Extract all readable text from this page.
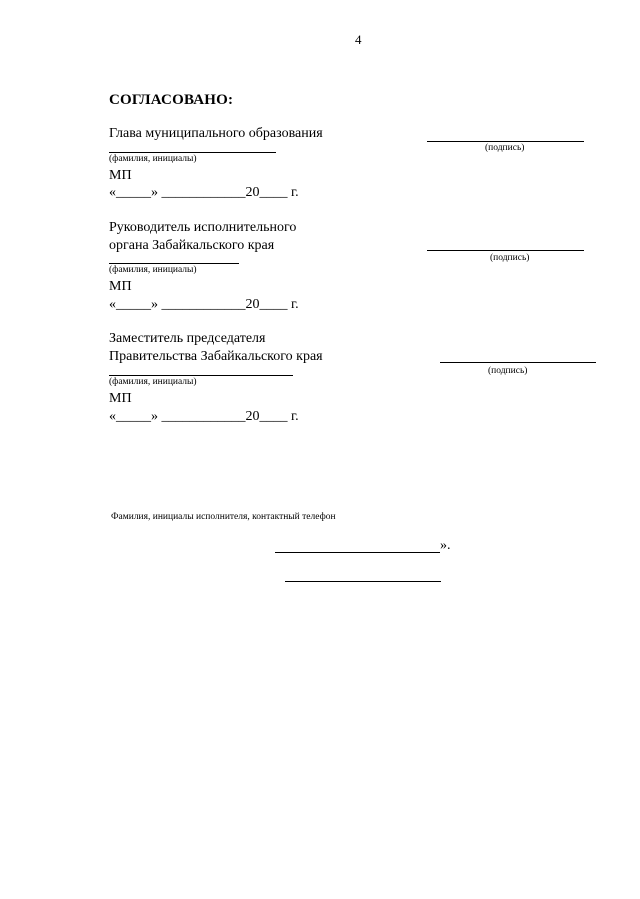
4
СОГЛАСОВАНО:
Глава муниципального образования
(подпись)
(фамилия, инициалы)
МП
«_____» ____________20____ г.
Руководитель исполнительного
органа Забайкальского края
(подпись)
(фамилия, инициалы)
МП
«_____» ____________20____ г.
Заместитель председателя
Правительства Забайкальского края
(подпись)
(фамилия, инициалы)
МП
«_____» ____________20____ г.
Фамилия, инициалы исполнителя, контактный телефон
».
